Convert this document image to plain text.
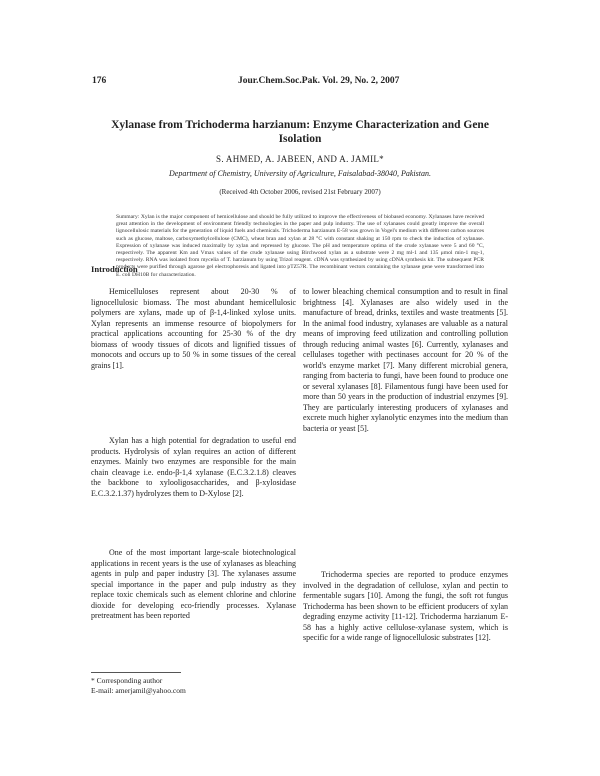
176	Jour.Chem.Soc.Pak. Vol. 29, No. 2, 2007
Xylanase from Trichoderma harzianum: Enzyme Characterization and Gene Isolation
S. AHMED, A. JABEEN, AND A. JAMIL*
Department of Chemistry, University of Agriculture, Faisalabad-38040, Pakistan.
(Received 4th October 2006, revised 21st February 2007)

Summary: Xylan is the major component of hemicellulose and should be fully utilized to improve the effectiveness of biobased economy. Xylanases have received great attention in the development of environment friendly technologies in the paper and pulp industry. The use of xylanases could greatly improve the overall lignocellulosic materials for the generation of liquid fuels and chemicals. Trichoderma harzianum E-58 was grown in Vogel's medium with different carbon sources such as glucose, maltose, carboxymethylcellulose (CMC), wheat bran and xylan at 28 °C with constant shaking at 150 rpm to check the induction of xylanase. Expression of xylanase was induced maximally by xylan and repressed by glucose. The pH and temperature optima of the crude xylanase were 5 and 60 °C, respectively. The apparent Km and Vmax values of the crude xylanase using Birchwood xylan as a substrate were 2 mg ml-1 and 135 μmol min-1 mg-1, respectively. RNA was isolated from mycelia of T. harzianum by using Trizol reagent. cDNA was synthesized by using cDNA synthesis kit. The subsequent PCR products were purified through agarose gel electrophoresis and ligated into pTZ57R. The recombinant vectors containing the xylanase gene were transformed into E. coli DH10B for characterization.

Introduction

Hemicelluloses represent about 20-30 % of lignocellulosic biomass. The most abundant hemicellulosic polymers are xylans, made up of β-1,4-linked xylose units. Xylan represents an immense resource of biopolymers for practical applications accounting for 25-30 % of the dry biomass of woody tissues of dicots and lignified tissues of monocots and occurs up to 50 % in some tissues of the cereal grains [1].

Xylan has a high potential for degradation to useful end products. Hydrolysis of xylan requires an action of different enzymes. Mainly two enzymes are responsible for the main chain cleavage i.e. endo-β-1,4 xylanase (E.C.3.2.1.8) cleaves the backbone to xylooligosaccharides, and β-xylosidase E.C.3.2.1.37) hydrolyzes them to D-Xylose [2].

One of the most important large-scale biotechnological applications in recent years is the use of xylanases as bleaching agents in pulp and paper industry [3]. The xylanases assume special importance in the paper and pulp industry as they replace toxic chemicals such as element chlorine and chlorine dioxide for developing eco-friendly processes. Xylanase pretreatment has been reported

to lower bleaching chemical consumption and to result in final brightness [4]. Xylanases are also widely used in the manufacture of bread, drinks, textiles and waste treatments [5]. In the animal food industry, xylanases are valuable as a natural means of improving feed utilization and controlling pollution through reducing animal wastes [6]. Currently, xylanases and cellulases together with pectinases account for 20 % of the world's enzyme market [7]. Many different microbial genera, ranging from bacteria to fungi, have been found to produce one or several xylanases [8]. Filamentous fungi have been used for more than 50 years in the production of industrial enzymes [9]. They are particularly interesting producers of xylanases and excrete much higher xylanolytic enzymes into the medium than bacteria or yeast [5].

Trichoderma species are reported to produce enzymes involved in the degradation of cellulose, xylan and pectin to fermentable sugars [10]. Among the fungi, the soft rot fungus Trichoderma has been shown to be efficient producers of xylan degrading enzyme activity [11-12]. Trichoderma harzianum E-58 has a highly active cellulose-xylanase system, which is specific for a wide range of lignocellulosic substrates [12].

* Corresponding author
E-mail: amerjamil@yahoo.com
